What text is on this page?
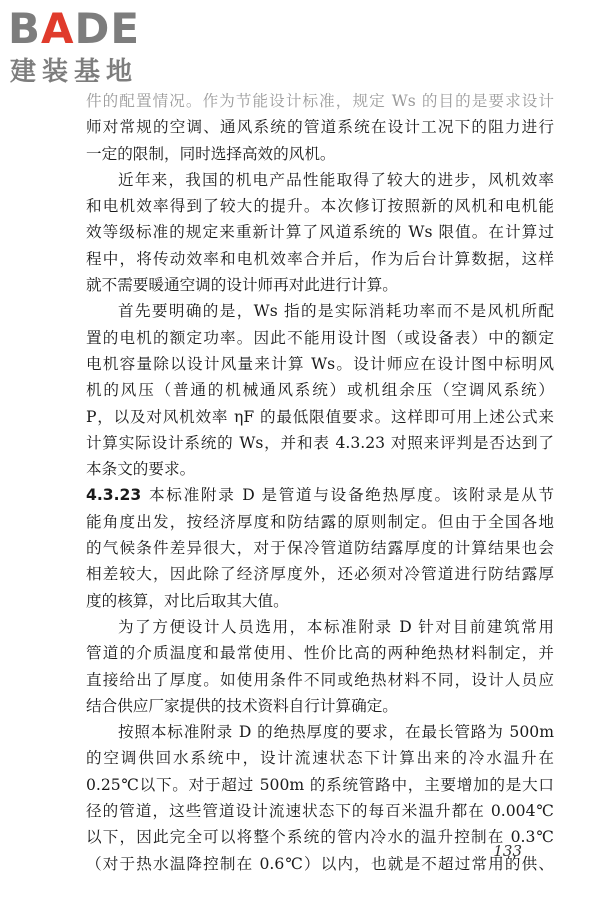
BADE
建装基地
件的配置情况。作为节能设计标准，规定 Ws 的目的是要求设计
师对常规的空调、通风系统的管道系统在设计工况下的阻力进行
一定的限制，同时选择高效的风机。
近年来，我国的机电产品性能取得了较大的进步，风机效率
和电机效率得到了较大的提升。本次修订按照新的风机和电机能
效等级标准的规定来重新计算了风道系统的 Ws 限值。在计算过
程中，将传动效率和电机效率合并后，作为后台计算数据，这样
就不需要暖通空调的设计师再对此进行计算。
首先要明确的是，Ws 指的是实际消耗功率而不是风机所配
置的电机的额定功率。因此不能用设计图（或设备表）中的额定
电机容量除以设计风量来计算 Ws。设计师应在设计图中标明风
机的风压（普通的机械通风系统）或机组余压（空调风系统）
P，以及对风机效率 ηF 的最低限值要求。这样即可用上述公式来
计算实际设计系统的 Ws，并和表 4.3.23 对照来评判是否达到了
本条文的要求。
4.3.23 本标准附录 D 是管道与设备绝热厚度。该附录是从节
能角度出发，按经济厚度和防结露的原则制定。但由于全国各地
的气候条件差异很大，对于保冷管道防结露厚度的计算结果也会
相差较大，因此除了经济厚度外，还必须对冷管道进行防结露厚
度的核算，对比后取其大值。
为了方便设计人员选用，本标准附录 D 针对目前建筑常用
管道的介质温度和最常使用、性价比高的两种绝热材料制定，并
直接给出了厚度。如使用条件不同或绝热材料不同，设计人员应
结合供应厂家提供的技术资料自行计算确定。
按照本标准附录 D 的绝热厚度的要求，在最长管路为 500m
的空调供回水系统中，设计流速状态下计算出来的冷水温升在
0.25℃以下。对于超过 500m 的系统管路中，主要增加的是大口
径的管道，这些管道设计流速状态下的每百米温升都在 0.004℃
以下，因此完全可以将整个系统的管内冷水的温升控制在 0.3℃
（对于热水温降控制在 0.6℃）以内，也就是不超过常用的供、
133
